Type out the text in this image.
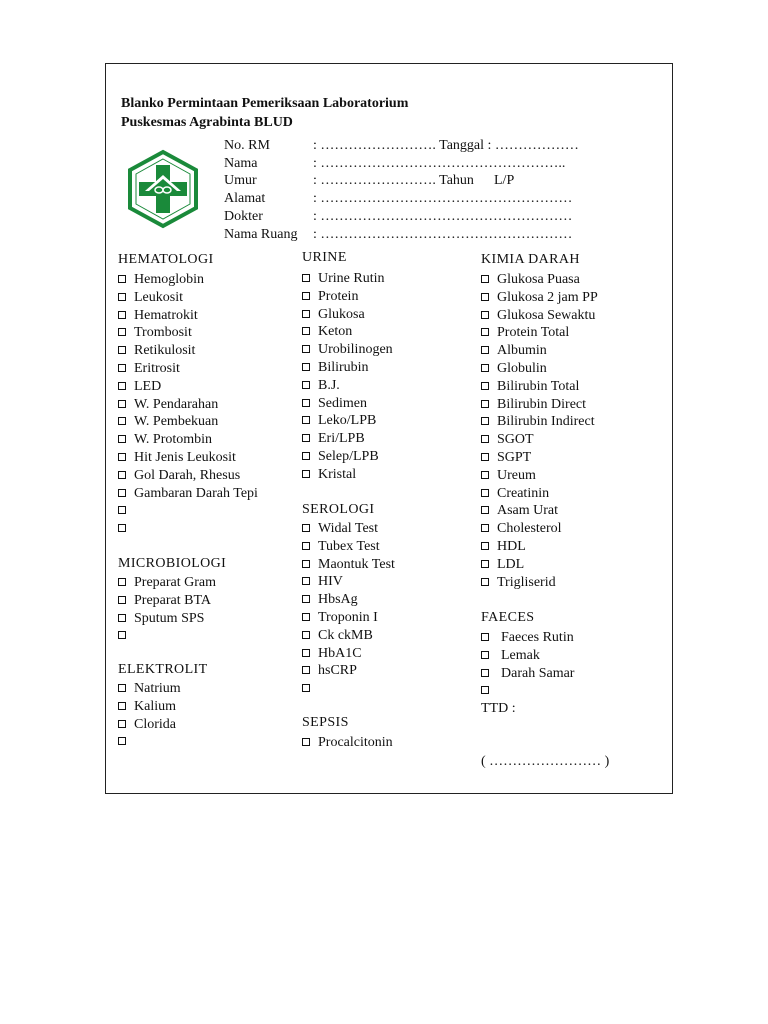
Blanko Permintaan Pemeriksaan Laboratorium
Puskesmas Agrabinta BLUD
No. RM	: ……………………. Tanggal : ………………
Nama	: ……………………………………………..
Umur	: ……………………. Tahun L/P
Alamat	: ………………………………………………
Dokter	: ………………………………………………
Nama Ruang : ………………………………………………
HEMATOLOGI
MICROBIOLOGI
ELEKTROLIT
Hemoglobin
Leukosit
Hematrokit
Trombosit
Retikulosit
Eritrosit
LED
W. Pendarahan
W. Pembekuan
W. Protombin
Hit Jenis Leukosit
Gol Darah, Rhesus
Gambaran Darah Tepi
Preparat Gram
Preparat BTA
Sputum SPS
Natrium
Kalium
Clorida
URINE
SEROLOGI
SEPSIS
Urine Rutin
Protein
Glukosa
Keton
Urobilinogen
Bilirubin
B.J.
Sedimen
Leko/LPB
Eri/LPB
Selep/LPB
Kristal
Widal Test
Tubex Test
Maontuk Test
HIV
HbsAg
Troponin I
Ck ckMB
HbA1C
hsCRP
Procalcitonin
KIMIA DARAH
FAECES
TTD :
( …………………… )
Glukosa Puasa
Glukosa 2 jam PP
Glukosa Sewaktu
Protein Total
Albumin
Globulin
Bilirubin Total
Bilirubin Direct
Bilirubin Indirect
SGOT
SGPT
Ureum
Creatinin
Asam Urat
Cholesterol
HDL
LDL
Trigliserid
Faeces Rutin
Lemak
Darah Samar
